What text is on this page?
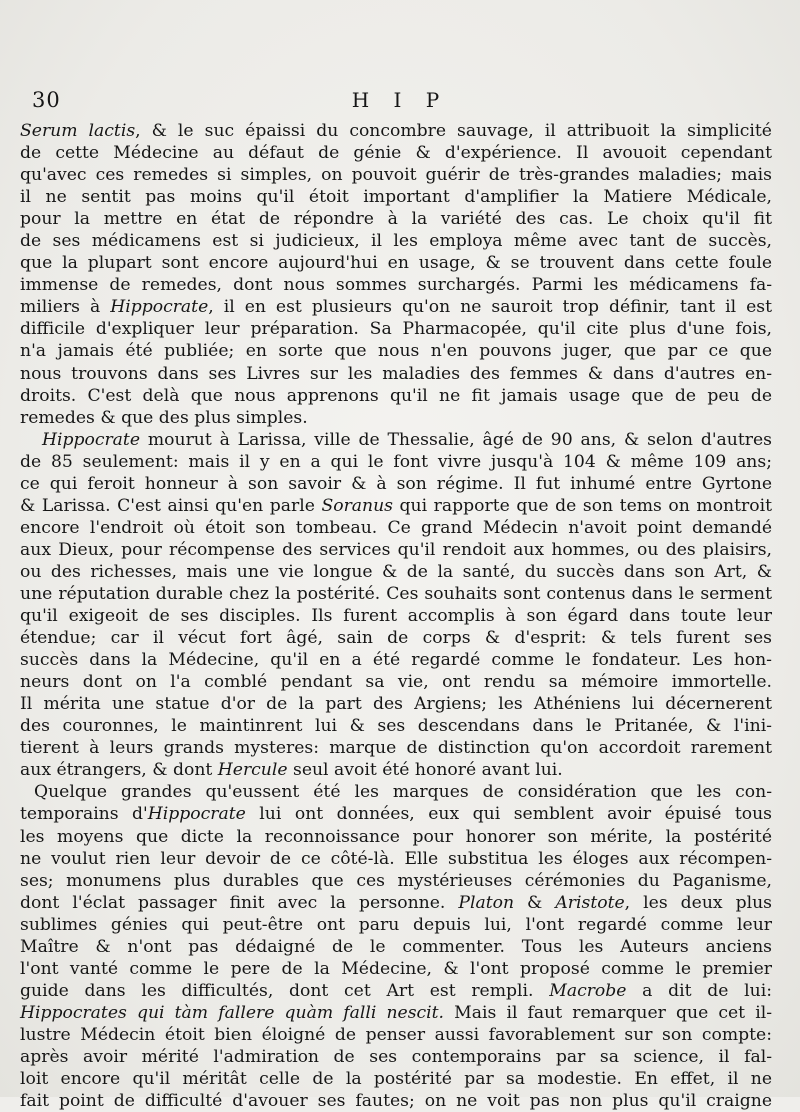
30	H I P
Serum lactis, & le suc épaissi du concombre sauvage, il attribuoit la simplicité
de cette Médecine au défaut de génie & d'expérience. Il avouoit cependant
qu'avec ces remedes si simples, on pouvoit guérir de très-grandes maladies; mais
il ne sentit pas moins qu'il étoit important d'amplifier la Matiere Médicale,
pour la mettre en état de répondre à la variété des cas. Le choix qu'il fit
de ses médicamens est si judicieux, il les employa même avec tant de succès,
que la plupart sont encore aujourd'hui en usage, & se trouvent dans cette foule
immense de remedes, dont nous sommes surchargés. Parmi les médicamens fa-
miliers à Hippocrate, il en est plusieurs qu'on ne sauroit trop définir, tant il est
difficile d'expliquer leur préparation. Sa Pharmacopée, qu'il cite plus d'une fois,
n'a jamais été publiée; en sorte que nous n'en pouvons juger, que par ce que
nous trouvons dans ses Livres sur les maladies des femmes & dans d'autres en-
droits. C'est delà que nous apprenons qu'il ne fit jamais usage que de peu de
remedes & que des plus simples.
Hippocrate mourut à Larissa, ville de Thessalie, âgé de 90 ans, & selon d'autres
de 85 seulement: mais il y en a qui le font vivre jusqu'à 104 & même 109 ans;
ce qui feroit honneur à son savoir & à son régime. Il fut inhumé entre Gyrtone
& Larissa. C'est ainsi qu'en parle Soranus qui rapporte que de son tems on montroit
encore l'endroit où étoit son tombeau. Ce grand Médecin n'avoit point demandé
aux Dieux, pour récompense des services qu'il rendoit aux hommes, ou des plaisirs,
ou des richesses, mais une vie longue & de la santé, du succès dans son Art, &
une réputation durable chez la postérité. Ces souhaits sont contenus dans le serment
qu'il exigeoit de ses disciples. Ils furent accomplis à son égard dans toute leur
étendue; car il vécut fort âgé, sain de corps & d'esprit: & tels furent ses
succès dans la Médecine, qu'il en a été regardé comme le fondateur. Les hon-
neurs dont on l'a comblé pendant sa vie, ont rendu sa mémoire immortelle.
Il mérita une statue d'or de la part des Argiens; les Athéniens lui décernerent
des couronnes, le maintinrent lui & ses descendans dans le Pritanée, & l'ini-
tierent à leurs grands mysteres: marque de distinction qu'on accordoit rarement
aux étrangers, & dont Hercule seul avoit été honoré avant lui.
Quelque grandes qu'eussent été les marques de considération que les con-
temporains d'Hippocrate lui ont données, eux qui semblent avoir épuisé tous
les moyens que dicte la reconnoissance pour honorer son mérite, la postérité
ne voulut rien leur devoir de ce côté-là. Elle substitua les éloges aux récompen-
ses; monumens plus durables que ces mystérieuses cérémonies du Paganisme,
dont l'éclat passager finit avec la personne. Platon & Aristote, les deux plus
sublimes génies qui peut-être ont paru depuis lui, l'ont regardé comme leur
Maître & n'ont pas dédaigné de le commenter. Tous les Auteurs anciens
l'ont vanté comme le pere de la Médecine, & l'ont proposé comme le premier
guide dans les difficultés, dont cet Art est rempli. Macrobe a dit de lui:
Hippocrates qui tàm fallere quàm falli nescit. Mais il faut remarquer que cet il-
lustre Médecin étoit bien éloigné de penser aussi favorablement sur son compte:
après avoir mérité l'admiration de ses contemporains par sa science, il fal-
loit encore qu'il méritât celle de la postérité par sa modestie. En effet, il ne
fait point de difficulté d'avouer ses fautes; on ne voit pas non plus qu'il craigne
